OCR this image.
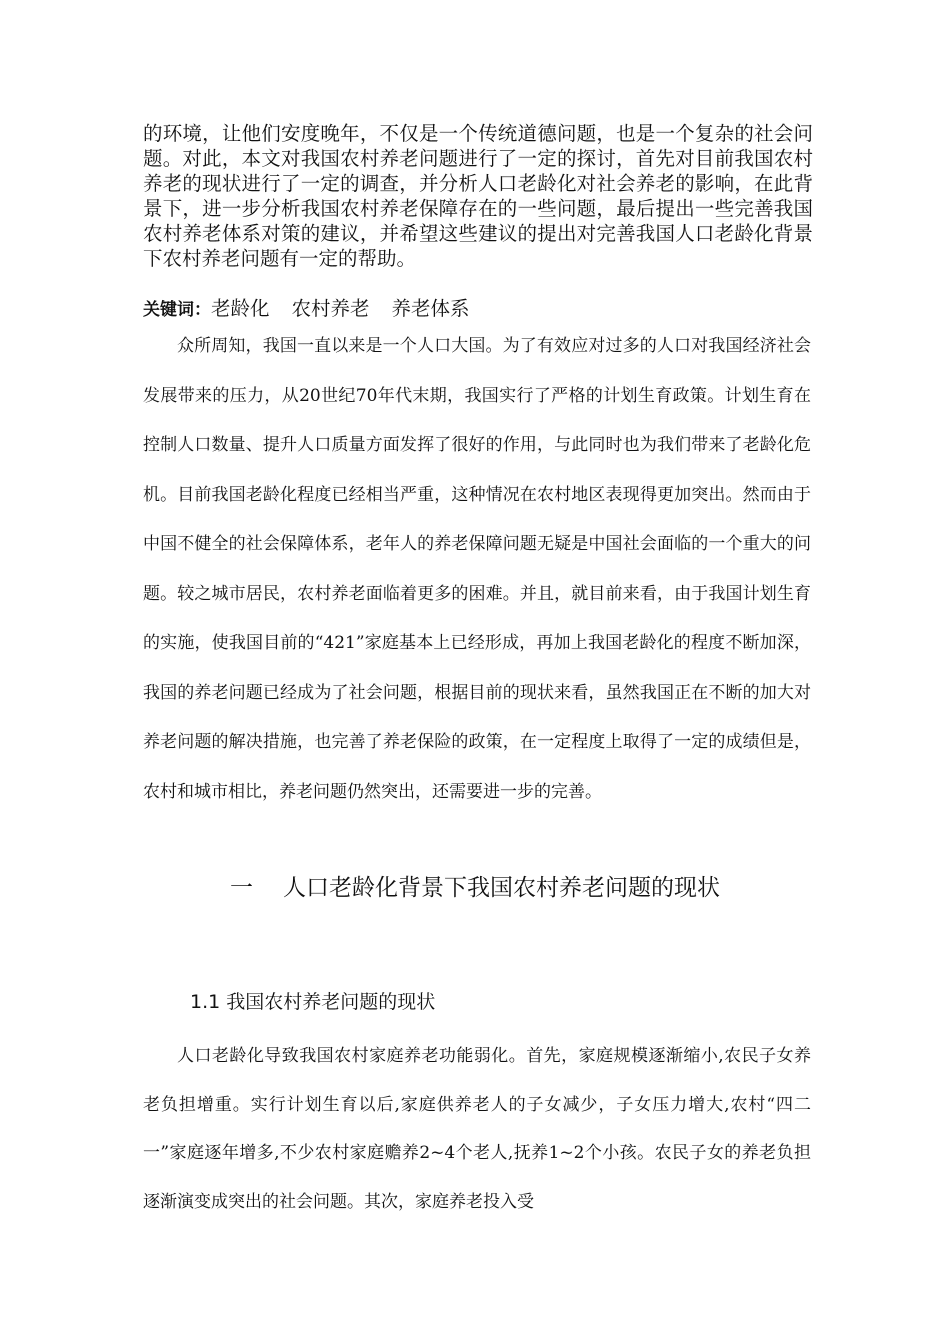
的环境，让他们安度晚年，不仅是一个传统道德问题，也是一个复杂的社会问题。对此，本文对我国农村养老问题进行了一定的探讨，首先对目前我国农村养老的现状进行了一定的调查，并分析人口老龄化对社会养老的影响，在此背景下，进一步分析我国农村养老保障存在的一些问题，最后提出一些完善我国农村养老体系对策的建议，并希望这些建议的提出对完善我国人口老龄化背景下农村养老问题有一定的帮助。

关键词：老龄化 农村养老 养老体系

众所周知，我国一直以来是一个人口大国。为了有效应对过多的人口对我国经济社会发展带来的压力，从20世纪70年代末期，我国实行了严格的计划生育政策。计划生育在控制人口数量、提升人口质量方面发挥了很好的作用，与此同时也为我们带来了老龄化危机。目前我国老龄化程度已经相当严重，这种情况在农村地区表现得更加突出。然而由于中国不健全的社会保障体系，老年人的养老保障问题无疑是中国社会面临的一个重大的问题。较之城市居民，农村养老面临着更多的困难。并且，就目前来看，由于我国计划生育的实施，使我国目前的“421”家庭基本上已经形成，再加上我国老龄化的程度不断加深，我国的养老问题已经成为了社会问题，根据目前的现状来看，虽然我国正在不断的加大对养老问题的解决措施，也完善了养老保险的政策，在一定程度上取得了一定的成绩但是，农村和城市相比，养老问题仍然突出，还需要进一步的完善。

一 人口老龄化背景下我国农村养老问题的现状
1.1 我国农村养老问题的现状

人口老龄化导致我国农村家庭养老功能弱化。首先，家庭规模逐渐缩小,农民子女养老负担增重。实行计划生育以后,家庭供养老人的子女减少，子女压力增大,农村“四二一”家庭逐年增多,不少农村家庭赡养2~4个老人,抚养1~2个小孩。农民子女的养老负担逐渐演变成突出的社会问题。其次，家庭养老投入受
